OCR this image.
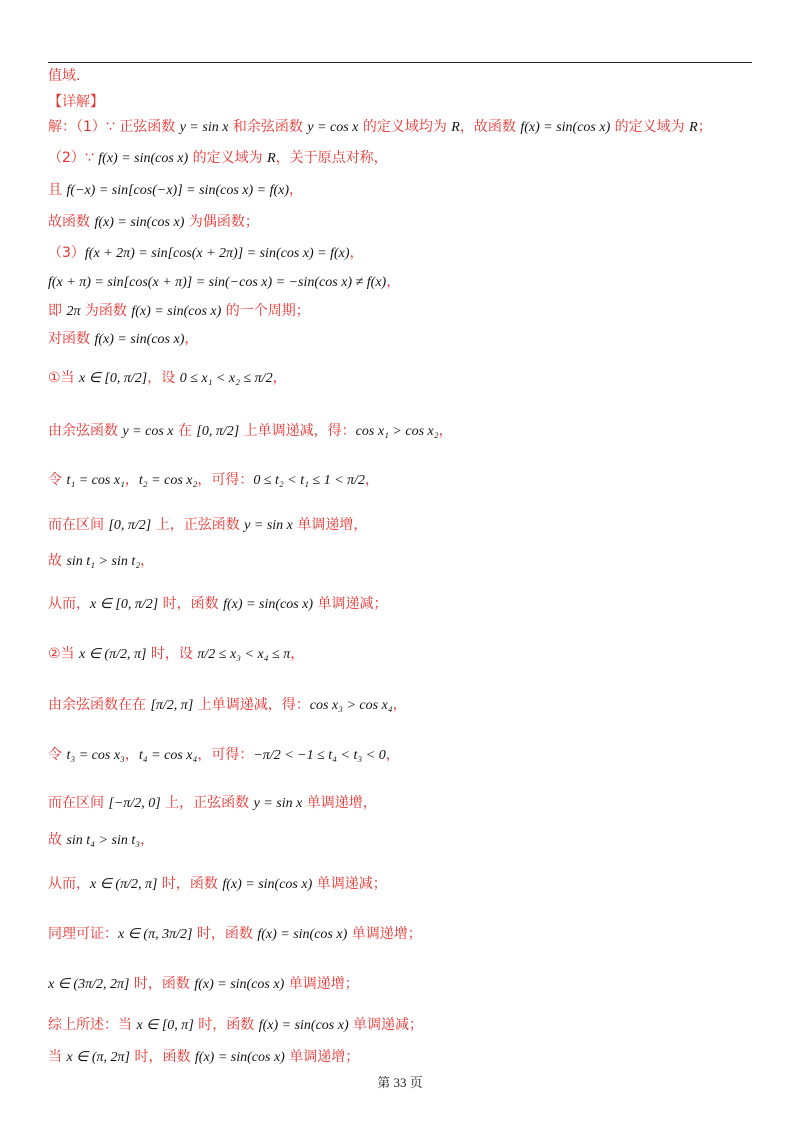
值域.
【详解】
解：（1）∵ 正弦函数 y = sin x 和余弦函数 y = cos x 的定义域均为 R，故函数 f(x) = sin(cos x) 的定义域为 R；
（2）∵ f(x) = sin(cos x) 的定义域为 R，关于原点对称，
且 f(−x) = sin[cos(−x)] = sin(cos x) = f(x)，
故函数 f(x) = sin(cos x) 为偶函数；
（3）f(x + 2π) = sin[cos(x + 2π)] = sin(cos x) = f(x)，
f(x + π) = sin[cos(x + π)] = sin(−cos x) = −sin(cos x) ≠ f(x)，
即 2π 为函数 f(x) = sin(cos x) 的一个周期；
对函数 f(x) = sin(cos x)，
①当 x ∈ [0, π/2]，设 0 ≤ x₁ < x₂ ≤ π/2，
由余弦函数 y = cos x 在 [0, π/2] 上单调递减，得：cos x₁ > cos x₂，
令 t₁ = cos x₁，t₂ = cos x₂，可得：0 ≤ t₂ < t₁ ≤ 1 < π/2，
而在区间 [0, π/2] 上，正弦函数 y = sin x 单调递增，
故 sin t₁ > sin t₂，
从而，x ∈ [0, π/2] 时，函数 f(x) = sin(cos x) 单调递减；
②当 x ∈ (π/2, π] 时，设 π/2 ≤ x₃ < x₄ ≤ π，
由余弦函数在在 [π/2, π] 上单调递减，得：cos x₃ > cos x₄，
令 t₃ = cos x₃，t₄ = cos x₄，可得：−π/2 < −1 ≤ t₄ < t₃ < 0，
而在区间 [−π/2, 0] 上，正弦函数 y = sin x 单调递增，
故 sin t₄ > sin t₃，
从而，x ∈ (π/2, π] 时，函数 f(x) = sin(cos x) 单调递减；
同理可证：x ∈ (π, 3π/2] 时，函数 f(x) = sin(cos x) 单调递增；
x ∈ (3π/2, 2π] 时，函数 f(x) = sin(cos x) 单调递增；
综上所述：当 x ∈ [0, π] 时，函数 f(x) = sin(cos x) 单调递减；
当 x ∈ (π, 2π] 时，函数 f(x) = sin(cos x) 单调递增；
第 33 页
